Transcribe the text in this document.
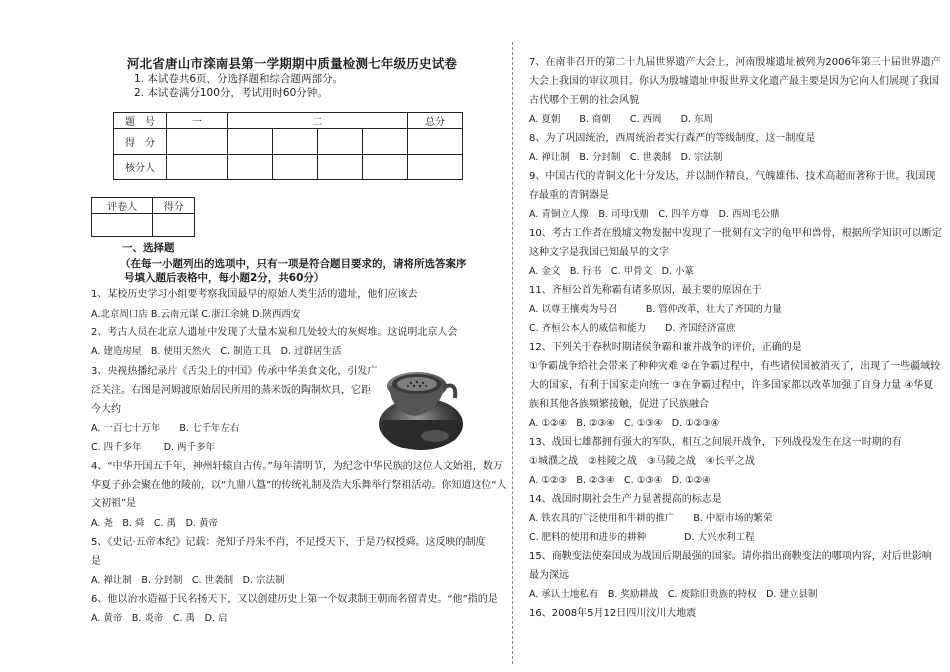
河北省唐山市滦南县第一学期期中质量检测七年级历史试卷
1. 本试卷共6页，分选择题和综合题两部分。
2. 本试卷满分100分，考试用时60分钟。
题　号	一	二				总分
得　分						
核分人						
评卷人	得分

一、选择题
（在每一小题列出的选项中，只有一项是符合题目要求的，请将所选答案序
号填入题后表格中，每小题2分，共60分）
1、某校历史学习小组要考察我国最早的原始人类生活的遗址，他们应该去
A.北京周口店 B.云南元谋 C.浙江余姚 D.陕西西安
2、考古人员在北京人遗址中发现了大量木炭和几处较大的灰烬堆。这说明北京人会
A. 建造房屋　B. 使用天然火　C. 制造工具　D. 过群居生活
3、央视热播纪录片《舌尖上的中国》传承中华美食文化，引发广
泛关注。右图是河姆渡原始居民所用的蒸米饭的陶制炊具，它距
今大约
A. 一百七十万年　　B. 七千年左右
C. 四千多年　　 D. 两千多年
4、“中华开国五千年，神州轩辕自古传。”每年清明节，为纪念中华民族的这位人文始祖，数万
华夏子孙会聚在他的陵前，以“九鼎八簋”的传统礼制及浩大乐舞举行祭祖活动。你知道这位“人
文初祖”是
A. 尧　B. 舜　C. 禹　D. 黄帝
5、《史记·五帝本纪》记载：尧知子丹朱不肖，不足授天下，于是乃权授舜。这反映的制度
是
A. 禅让制　B. 分封制　C. 世袭制　D. 宗法制
6、他以治水造福于民名扬天下，又以创建历史上第一个奴隶制王朝而名留青史。“他”指的是
A. 黄帝　B. 炎帝　C. 禹　D. 启
7、在南非召开的第二十九届世界遗产大会上，河南殷墟遗址被列为2006年第三十届世界遗产
大会上我国的审议项目。你认为殷墟遗址申报世界文化遗产最主要是因为它向人们展现了我国
古代哪个王朝的社会风貌
A. 夏朝　　B. 商朝　　C. 西周　　D. 东周
8、为了巩固统治，西周统治者实行森严的等级制度，这一制度是
A. 禅让制　B. 分封制　C. 世袭制　D. 宗法制
9、中国古代的青铜文化十分发达，并以制作精良，气魄雄伟、技术高超而著称于世。我国现
存最重的青铜器是
A. 青铜立人像　B. 司母戊鼎　C. 四羊方尊　D. 西周毛公鼎
10、考古工作者在殷墟文物发掘中发现了一批刻有文字的龟甲和兽骨，根据所学知识可以断定
这种文字是我国已知最早的文字
A. 金文　B. 行书　C. 甲骨文　D. 小篆
11、齐桓公首先称霸有诸多原因，最主要的原因在于
A. 以尊王攘夷为号召　　　B. 管仲改革，壮大了齐国的力量
C. 齐桓公本人的威信和能力　　D. 齐国经济富庶
12、下列关于春秋时期诸侯争霸和兼并战争的评价，正确的是
①争霸战争给社会带来了种种灾难 ②在争霸过程中，有些诸侯国被消灭了，出现了一些疆域较
大的国家，有利于国家走向统一 ③在争霸过程中，许多国家都以改革加强了自身力量 ④华夏
族和其他各族频繁接触，促进了民族融合
A. ①②④　B. ②③④　C. ①③④　D. ①②③④
13、战国七雄都拥有强大的军队，相互之间展开战争，下列战役发生在这一时期的有
①城濮之战　②桂陵之战　③马陵之战　④长平之战
A. ①②③　B. ②③④　C. ①③④　D. ①②④
14、战国时期社会生产力显著提高的标志是
A. 铁农具的广泛使用和牛耕的推广　　B. 中原市场的繁荣
C. 肥料的使用和进步的耕种　　　　D. 大兴水利工程
15、商鞅变法使秦国成为战国后期最强的国家。请你指出商鞅变法的哪项内容，对后世影响
最为深远
A. 承认土地私有　B. 奖励耕战　C. 废除旧贵族的特权　D. 建立县制
16、2008年5月12日四川汶川大地震
